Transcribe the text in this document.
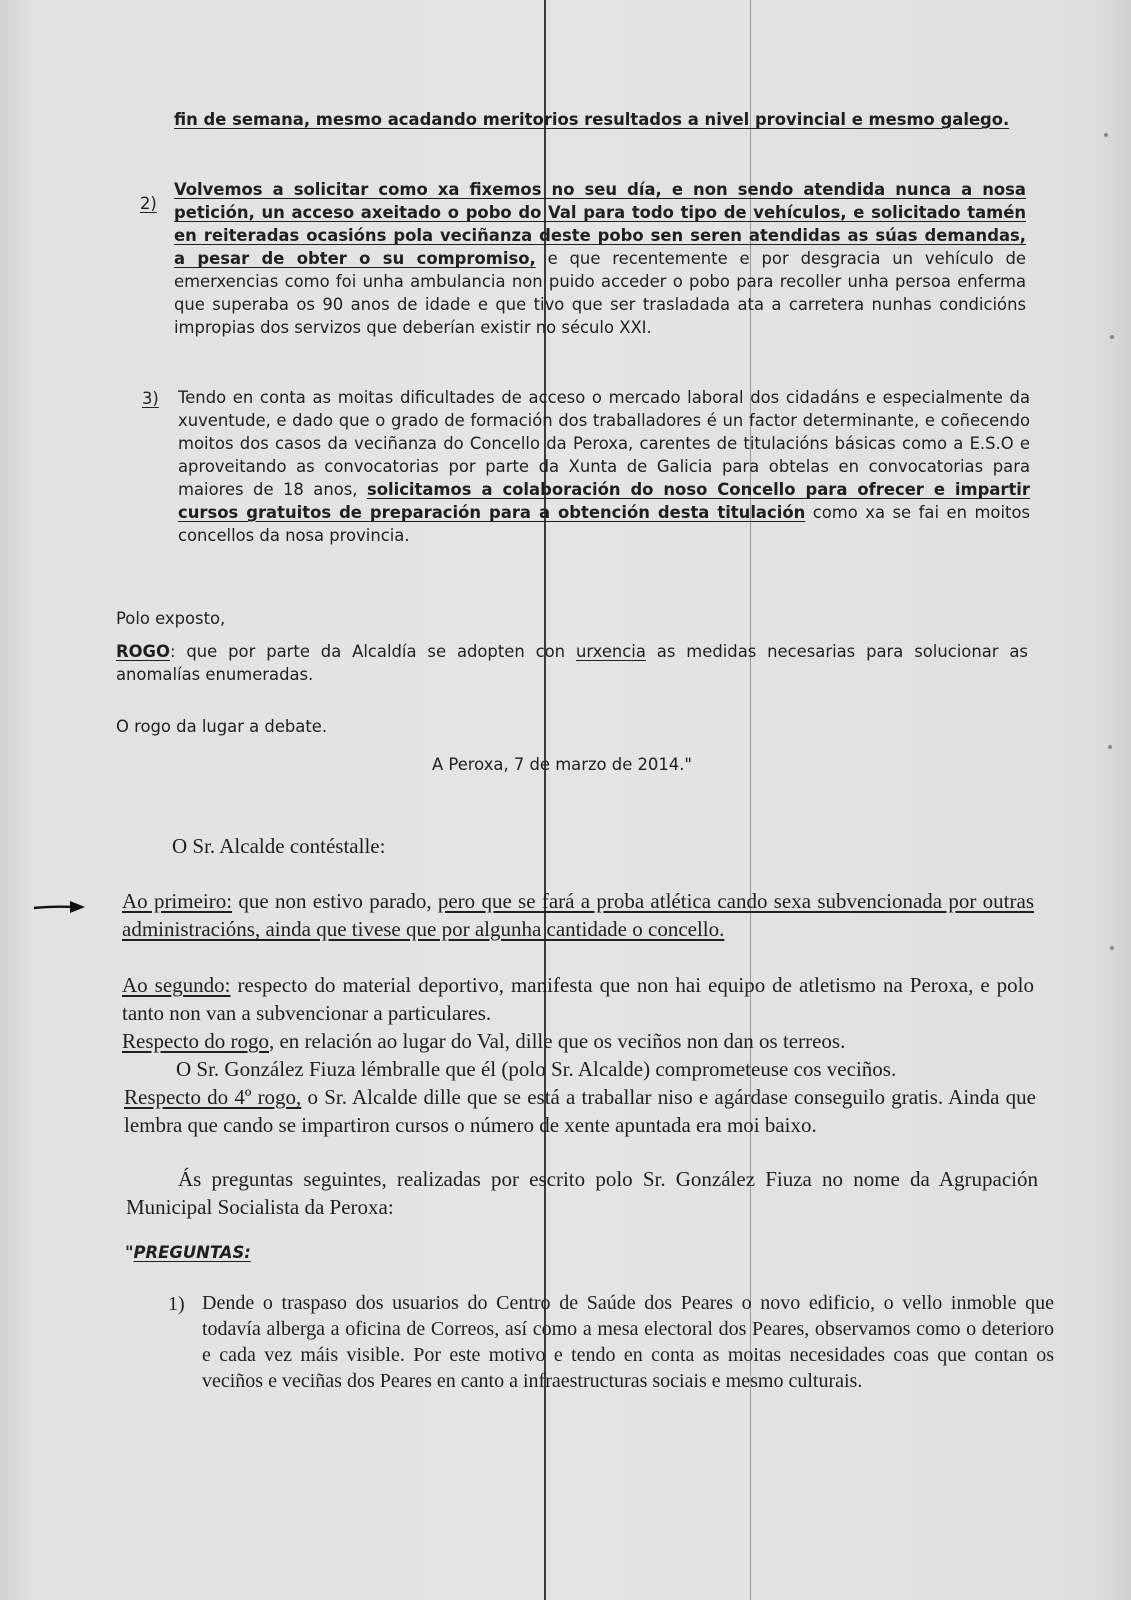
fin de semana, mesmo acadando meritorios resultados a nivel provincial e mesmo galego.
2)
Volvemos a solicitar como xa fixemos no seu día, e non sendo atendida nunca a nosa petición, un acceso axeitado o pobo do Val para todo tipo de vehículos, e solicitado tamén en reiteradas ocasións pola veciñanza deste pobo sen seren atendidas as súas demandas, a pesar de obter o su compromiso, e que recentemente e por desgracia un vehículo de emerxencias como foi unha ambulancia non puido acceder o pobo para recoller unha persoa enferma que superaba os 90 anos de idade e que tivo que ser trasladada ata a carretera nunhas condicións impropias dos servizos que deberían existir no século XXI.
3) Tendo en conta as moitas dificultades de acceso o mercado laboral dos cidadáns e especialmente da xuventude, e dado que o grado de formación dos traballadores é un factor determinante, e coñecendo moitos dos casos da veciñanza do Concello da Peroxa, carentes de titulacións básicas como a E.S.O e aproveitando as convocatorias por parte da Xunta de Galicia para obtelas en convocatorias para maiores de 18 anos, solicitamos a colaboración do noso Concello para ofrecer e impartir cursos gratuitos de preparación para a obtención desta titulación como xa se fai en moitos concellos da nosa provincia.
Polo exposto,
ROGO: que por parte da Alcaldía se adopten con urxencia as medidas necesarias para solucionar as anomalías enumeradas.
O rogo da lugar a debate.
A Peroxa, 7 de marzo de 2014."
O Sr. Alcalde contéstalle:
Ao primeiro: que non estivo parado, pero que se fará a proba atlética cando sexa subvencionada por outras administracións, ainda que tivese que por algunha cantidade o concello.
Ao segundo: respecto do material deportivo, manifesta que non hai equipo de atletismo na Peroxa, e polo tanto non van a subvencionar a particulares.
Respecto do rogo, en relación ao lugar do Val, dille que os veciños non dan os terreos.
O Sr. González Fiuza lémbralle que él (polo Sr. Alcalde) comprometeuse cos veciños.
Respecto do 4º rogo, o Sr. Alcalde dille que se está a traballar niso e agárdase conseguilo gratis. Ainda que lembra que cando se impartiron cursos o número de xente apuntada era moi baixo.
Ás preguntas seguintes, realizadas por escrito polo Sr. González Fiuza no nome da Agrupación Municipal Socialista da Peroxa:
"PREGUNTAS:
1) Dende o traspaso dos usuarios do Centro de Saúde dos Peares o novo edificio, o vello inmoble que todavía alberga a oficina de Correos, así como a mesa electoral dos Peares, observamos como o deterioro e cada vez máis visible. Por este motivo e tendo en conta as moitas necesidades coas que contan os veciños e veciñas dos Peares en canto a infraestructuras sociais e mesmo culturais.
